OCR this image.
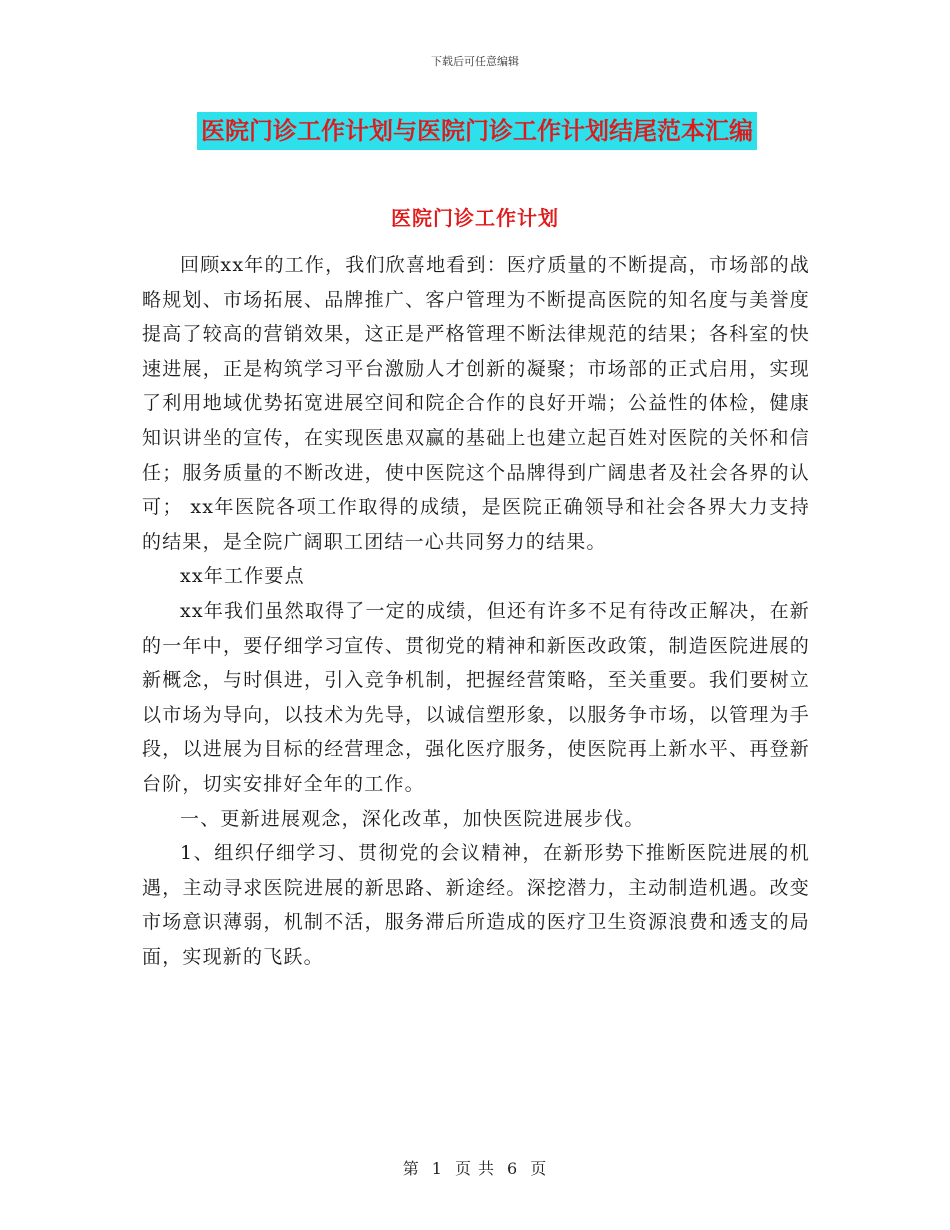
下载后可任意编辑
医院门诊工作计划与医院门诊工作计划结尾范本汇编
医院门诊工作计划

回顾xx年的工作，我们欣喜地看到：医疗质量的不断提高，市场部的战略规划、市场拓展、品牌推广、客户管理为不断提高医院的知名度与美誉度提高了较高的营销效果，这正是严格管理不断法律规范的结果；各科室的快速进展，正是构筑学习平台激励人才创新的凝聚；市场部的正式启用，实现了利用地域优势拓宽进展空间和院企合作的良好开端；公益性的体检，健康知识讲坐的宣传，在实现医患双赢的基础上也建立起百姓对医院的关怀和信任；服务质量的不断改进，使中医院这个品牌得到广阔患者及社会各界的认可； xx年医院各项工作取得的成绩，是医院正确领导和社会各界大力支持的结果，是全院广阔职工团结一心共同努力的结果。

xx年工作要点

xx年我们虽然取得了一定的成绩，但还有许多不足有待改正解决，在新的一年中，要仔细学习宣传、贯彻党的精神和新医改政策，制造医院进展的新概念，与时俱进，引入竞争机制，把握经营策略，至关重要。我们要树立以市场为导向，以技术为先导，以诚信塑形象，以服务争市场，以管理为手段，以进展为目标的经营理念，强化医疗服务，使医院再上新水平、再登新台阶，切实安排好全年的工作。

一、更新进展观念，深化改革，加快医院进展步伐。

1、组织仔细学习、贯彻党的会议精神，在新形势下推断医院进展的机遇，主动寻求医院进展的新思路、新途经。深挖潜力，主动制造机遇。改变市场意识薄弱，机制不活，服务滞后所造成的医疗卫生资源浪费和透支的局面，实现新的飞跃。

第 1 页 共 6 页
